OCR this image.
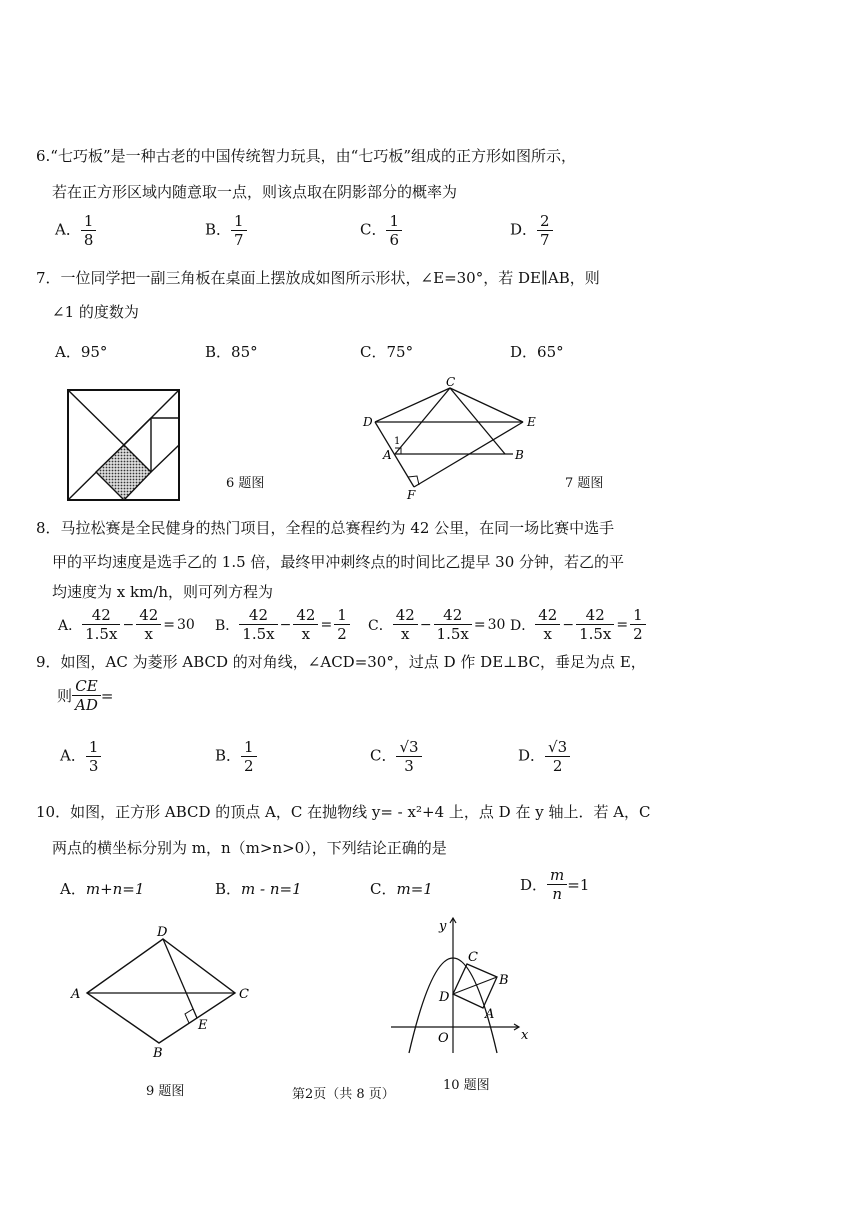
6.“七巧板”是一种古老的中国传统智力玩具，由“七巧板”组成的正方形如图所示，
若在正方形区域内随意取一点，则该点取在阴影部分的概率为
A． $\frac{1}{8}$	B． $\frac{1}{7}$	C． $\frac{1}{6}$	D． $\frac{2}{7}$
7．一位同学把一副三角板在桌面上摆放成如图所示形状，∠E=30°，若 DE∥AB，则
∠1 的度数为
A．95°	B．85°	C．75°	D．65°
6 题图
C
D	E
A	B
F
1
7 题图
8．马拉松赛是全民健身的热门项目，全程的总赛程约为 42 公里，在同一场比赛中选手
甲的平均速度是选手乙的 1.5 倍，最终甲冲刺终点的时间比乙提早 30 分钟，若乙的平
均速度为 x km/h，则可列方程为
A． $\frac{42}{1.5x} - \frac{42}{x} = 30$ B． $\frac{42}{1.5x} - \frac{42}{x} = \frac{1}{2}$ C． $\frac{42}{x} - \frac{42}{1.5x} = 30$ D． $\frac{42}{x} - \frac{42}{1.5x} = \frac{1}{2}$
9．如图，AC 为菱形 ABCD 的对角线，∠ACD=30°，过点 D 作 DE⊥BC，垂足为点 E，
则 $\frac{CE}{AD}$ =
A． $\frac{1}{3}$	B． $\frac{1}{2}$	C． $\frac{√3}{3}$	D． $\frac{√3}{2}$
10．如图，正方形 ABCD 的顶点 A，C 在抛物线 y= - x²+4 上，点 D 在 y 轴上．若 A，C
两点的横坐标分别为 m，n（m>n>0），下列结论正确的是
A．m+n=1	B．m - n=1	C．m=1	D． $\frac{m}{n} =1$
D
A	C
E
B
9 题图
y
x
O
C
B
D
A
10 题图
第2页（共 8 页）
